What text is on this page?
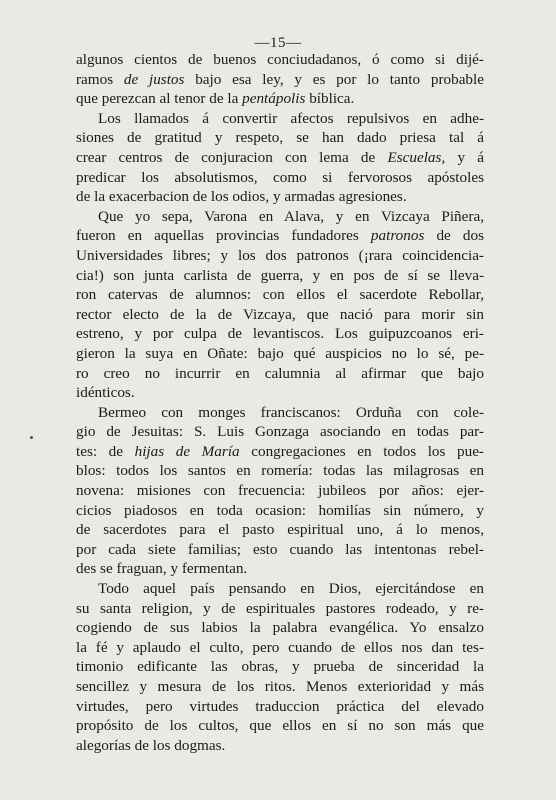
—15—
algunos cientos de buenos conciudadanos, ó como si dijé-
ramos de justos bajo esa ley, y es por lo tanto probable
que perezcan al tenor de la pentápolis bíblica.
Los llamados á convertir afectos repulsivos en adhe-
siones de gratitud y respeto, se han dado priesa tal á
crear centros de conjuracion con lema de Escuelas, y á
predicar los absolutismos, como si fervorosos apóstoles
de la exacerbacion de los odios, y armadas agresiones.
Que yo sepa, Varona en Alava, y en Vizcaya Piñera,
fueron en aquellas provincias fundadores patronos de dos
Universidades libres; y los dos patronos (¡rara coincidencia-
cia!) son junta carlista de guerra, y en pos de sí se lleva-
ron catervas de alumnos: con ellos el sacerdote Rebollar,
rector electo de la de Vizcaya, que nació para morir sin
estreno, y por culpa de levantiscos. Los guipuzcoanos eri-
gieron la suya en Oñate: bajo qué auspicios no lo sé, pe-
ro creo no incurrir en calumnia al afirmar que bajo
idénticos.
Bermeo con monges franciscanos: Orduña con cole-
gio de Jesuitas: S. Luis Gonzaga asociando en todas par-
tes: de hijas de María congregaciones en todos los pue-
blos: todos los santos en romería: todas las milagrosas en
novena: misiones con frecuencia: jubileos por años: ejer-
cicios piadosos en toda ocasion: homilías sin número, y
de sacerdotes para el pasto espiritual uno, á lo menos,
por cada siete familias; esto cuando las intentonas rebel-
des se fraguan, y fermentan.
Todo aquel país pensando en Dios, ejercitándose en
su santa religion, y de espirituales pastores rodeado, y re-
cogiendo de sus labios la palabra evangélica. Yo ensalzo
la fé y aplaudo el culto, pero cuando de ellos nos dan tes-
timonio edificante las obras, y prueba de sinceridad la
sencillez y mesura de los ritos. Menos exterioridad y más
virtudes, pero virtudes traduccion práctica del elevado
propósito de los cultos, que ellos en sí no son más que
alegorías de los dogmas.
